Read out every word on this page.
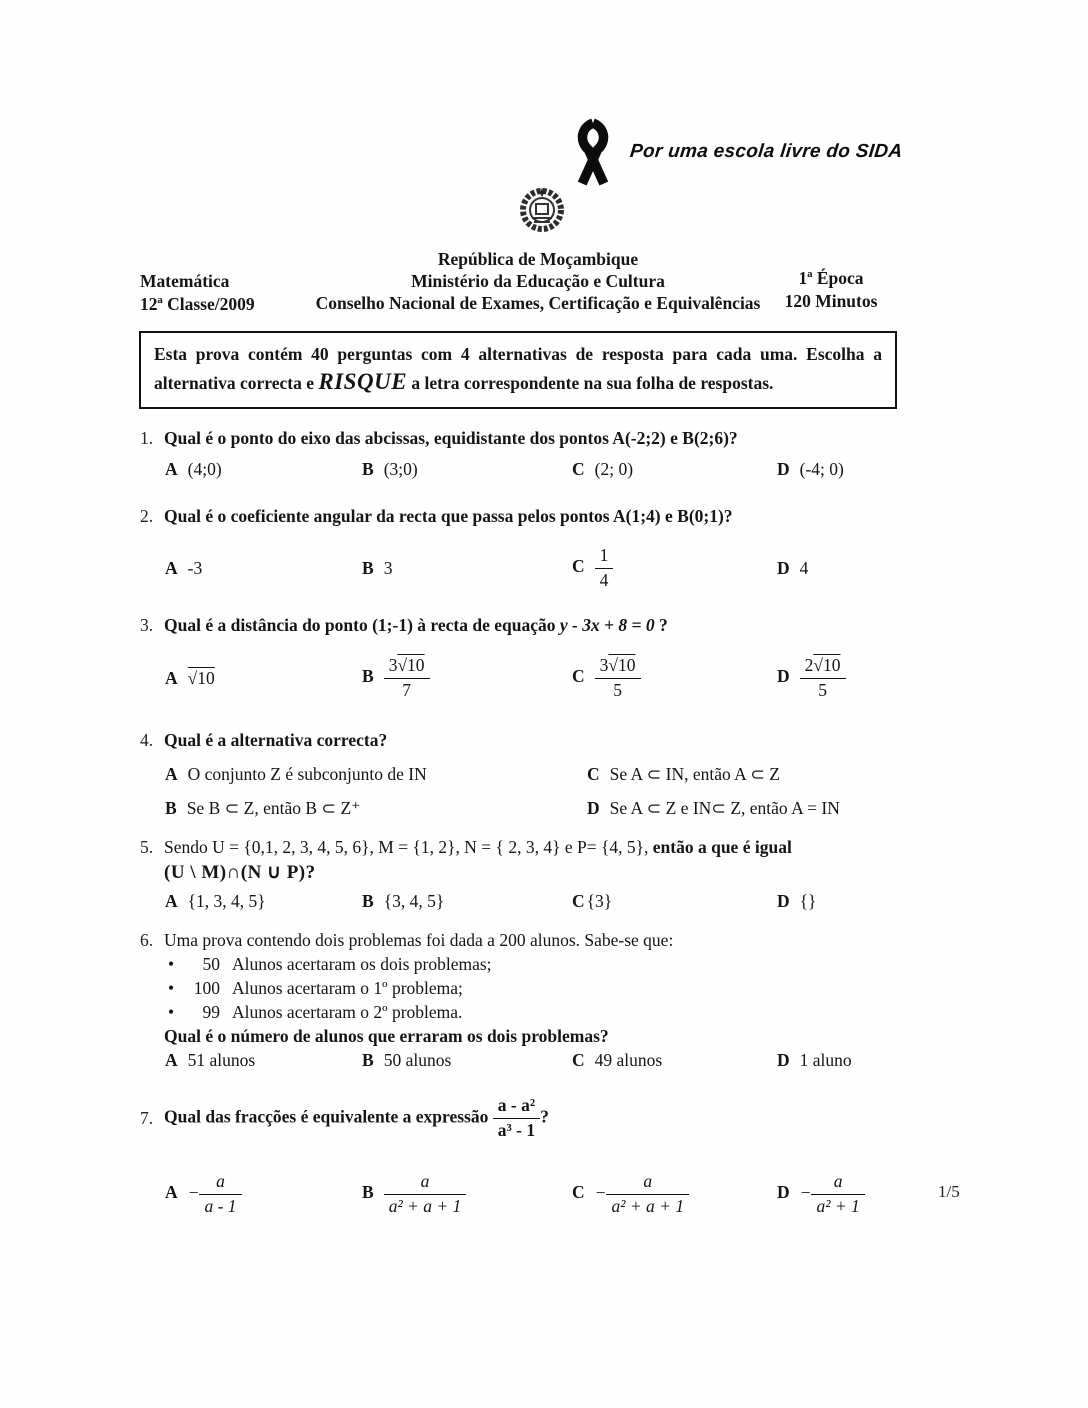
Por uma escola livre do SIDA
Matemática
12ª Classe/2009
República de Moçambique
Ministério da Educação e Cultura
Conselho Nacional de Exames, Certificação e Equivalências
1ª Época
120 Minutos
Esta prova contém 40 perguntas com 4 alternativas de resposta para cada uma. Escolha a alternativa correcta e RISQUE a letra correspondente na sua folha de respostas.
1. Qual é o ponto do eixo das abcissas, equidistante dos pontos A(-2;2) e B(2;6)?
A (4;0)	B (3;0)	C (2; 0)	D (-4; 0)
2. Qual é o coeficiente angular da recta que passa pelos pontos A(1;4) e B(0;1)?
A -3	B 3	C $\frac{1}{4}$	D 4
3. Qual é a distância do ponto (1;-1) à recta de equação y - 3x + 8 = 0 ?
A √10	B $\frac{3√10}{7}$	C $\frac{3√10}{5}$	D $\frac{2√10}{5}$
4. Qual é a alternativa correcta?
A O conjunto Z é subconjunto de IN	C Se A ⊂ IN, então A ⊂ Z
B Se B ⊂ Z, então B ⊂ Z⁺	D Se A ⊂ Z e IN⊂ Z, então A = IN
5. Sendo U = {0,1, 2, 3, 4, 5, 6}, M = {1, 2}, N = { 2, 3, 4} e P= {4, 5}, então a que é igual
(U \ M)∩(N ∪ P)?
A {1, 3, 4, 5}	B {3, 4, 5}	C {3}	D {}
6. Uma prova contendo dois problemas foi dada a 200 alunos. Sabe-se que:
•	50 Alunos acertaram os dois problemas;
•	100 Alunos acertaram o 1º problema;
•	99 Alunos acertaram o 2º problema.
Qual é o número de alunos que erraram os dois problemas?
A 51 alunos	B 50 alunos	C 49 alunos	D 1 aluno
7. Qual das fracções é equivalente a expressão $\frac{\text{a - a²}}{\text{a³ - 1}}$ ?
$A - \frac{a}{a - 1}$	B $\frac{a}{\text{a² + a + 1}}$	$C - \frac{a}{\text{a² + a + 1}}$	$D - \frac{a}{\text{a² + 1}}$	1/5
